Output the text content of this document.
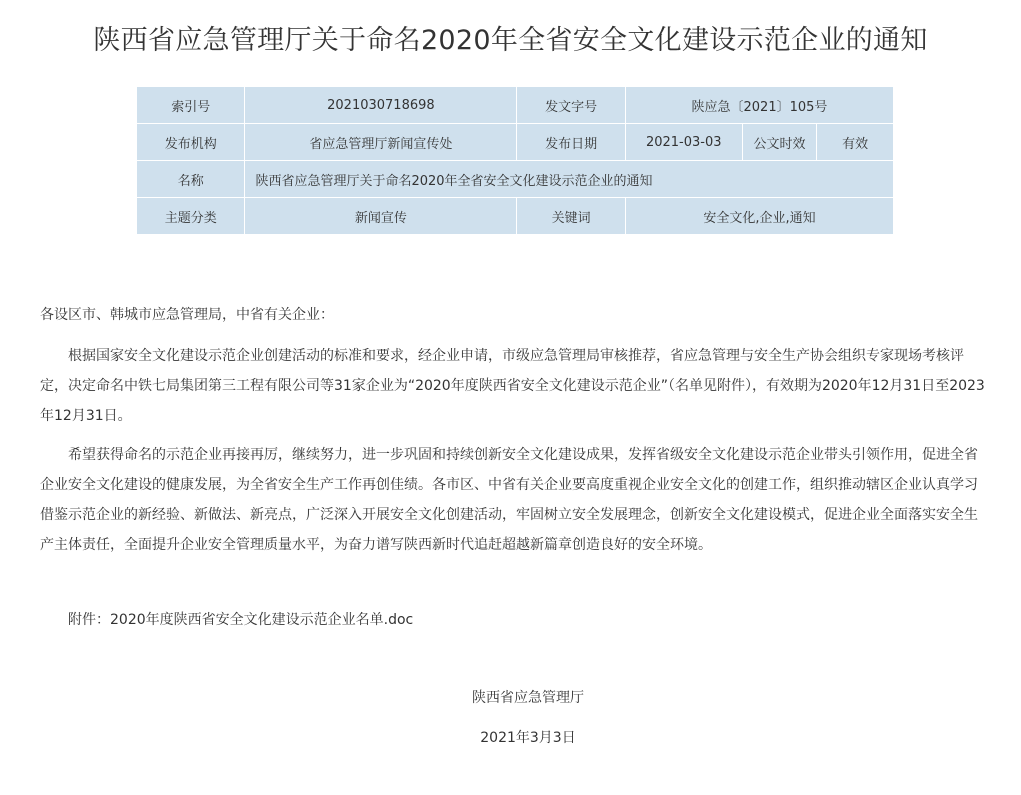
陕西省应急管理厅关于命名2020年全省安全文化建设示范企业的通知
索引号	2021030718698	发文字号	陕应急〔2021〕105号		
发布机构	省应急管理厅新闻宣传处	发布日期	2021-03-03	公文时效	有效
名称	陕西省应急管理厅关于命名2020年全省安全文化建设示范企业的通知				
主题分类	新闻宣传	关键词	安全文化,企业,通知		

各设区市、韩城市应急管理局，中省有关企业：

根据国家安全文化建设示范企业创建活动的标准和要求，经企业申请，市级应急管理局审核推荐，省应急管理与安全生产协会组织专家现场考核评定，决定命名中铁七局集团第三工程有限公司等31家企业为“2020年度陕西省安全文化建设示范企业”（名单见附件），有效期为2020年12月31日至2023年12月31日。

希望获得命名的示范企业再接再厉，继续努力，进一步巩固和持续创新安全文化建设成果，发挥省级安全文化建设示范企业带头引领作用，促进全省企业安全文化建设的健康发展，为全省安全生产工作再创佳绩。各市区、中省有关企业要高度重视企业安全文化的创建工作，组织推动辖区企业认真学习借鉴示范企业的新经验、新做法、新亮点，广泛深入开展安全文化创建活动，牢固树立安全发展理念，创新安全文化建设模式，促进企业全面落实安全生产主体责任，全面提升企业安全管理质量水平，为奋力谱写陕西新时代追赶超越新篇章创造良好的安全环境。

附件：2020年度陕西省安全文化建设示范企业名单.doc

陕西省应急管理厅

2021年3月3日
